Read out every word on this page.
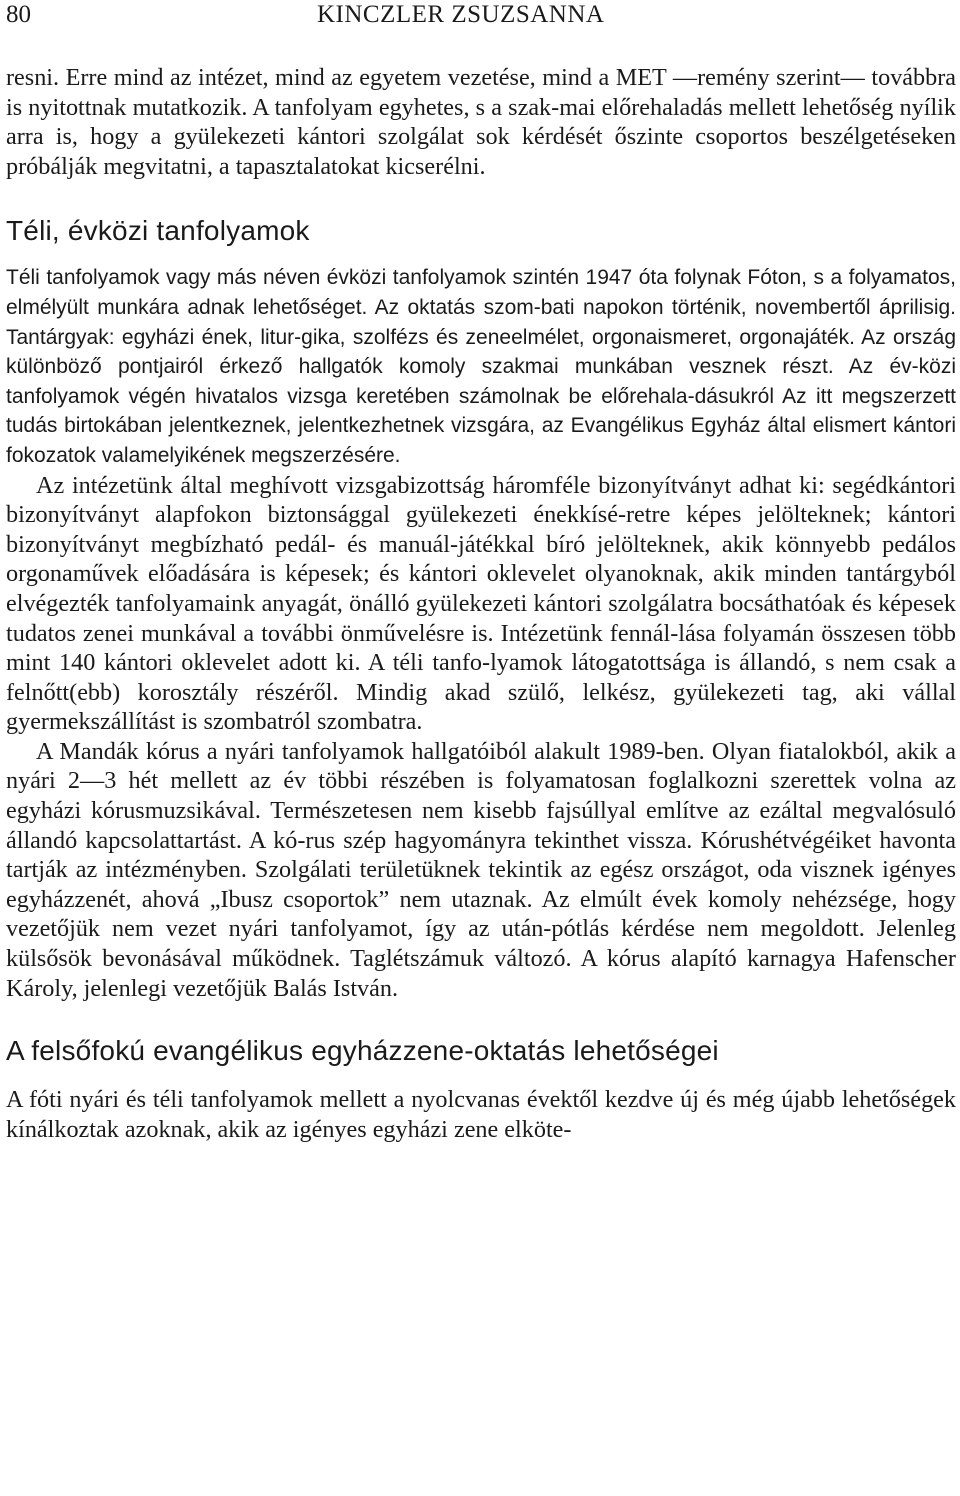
80	KINCZLER ZSUZSANNA

resni. Erre mind az intézet, mind az egyetem vezetése, mind a MET —remény szerint— továbbra is nyitottnak mutatkozik. A tanfolyam egyhetes, s a szak-mai előrehaladás mellett lehetőség nyílik arra is, hogy a gyülekezeti kántori szolgálat sok kérdését őszinte csoportos beszélgetéseken próbálják megvitatni, a tapasztalatokat kicserélni.

Téli, évközi tanfolyamok

Téli tanfolyamok vagy más néven évközi tanfolyamok szintén 1947 óta folynak Fóton, s a folyamatos, elmélyült munkára adnak lehetőséget. Az oktatás szom-bati napokon történik, novembertől áprilisig. Tantárgyak: egyházi ének, litur-gika, szolfézs és zeneelmélet, orgonaismeret, orgonajáték. Az ország különböző pontjairól érkező hallgatók komoly szakmai munkában vesznek részt. Az év-közi tanfolyamok végén hivatalos vizsga keretében számolnak be előrehala-dásukról Az itt megszerzett tudás birtokában jelentkeznek, jelentkezhetnek vizsgára, az Evangélikus Egyház által elismert kántori fokozatok valamelyikének megszerzésére.

Az intézetünk által meghívott vizsgabizottság háromféle bizonyítványt adhat ki: segédkántori bizonyítványt alapfokon biztonsággal gyülekezeti énekkísé-retre képes jelölteknek; kántori bizonyítványt megbízható pedál- és manuál-játékkal bíró jelölteknek, akik könnyebb pedálos orgonaművek előadására is képesek; és kántori oklevelet olyanoknak, akik minden tantárgyból elvégezték tanfolyamaink anyagát, önálló gyülekezeti kántori szolgálatra bocsáthatóak és képesek tudatos zenei munkával a további önművelésre is. Intézetünk fennál-lása folyamán összesen több mint 140 kántori oklevelet adott ki. A téli tanfo-lyamok látogatottsága is állandó, s nem csak a felnőtt(ebb) korosztály részéről. Mindig akad szülő, lelkész, gyülekezeti tag, aki vállal gyermekszállítást is szombatról szombatra.

A Mandák kórus a nyári tanfolyamok hallgatóiból alakult 1989-ben. Olyan fiatalokból, akik a nyári 2—3 hét mellett az év többi részében is folyamatosan foglalkozni szerettek volna az egyházi kórusmuzsikával. Természetesen nem kisebb fajsúllyal említve az ezáltal megvalósuló állandó kapcsolattartást. A kó-rus szép hagyományra tekinthet vissza. Kórushétvégéiket havonta tartják az intézményben. Szolgálati területüknek tekintik az egész országot, oda visznek igényes egyházzenét, ahová „Ibusz csoportok” nem utaznak. Az elmúlt évek komoly nehézsége, hogy vezetőjük nem vezet nyári tanfolyamot, így az után-pótlás kérdése nem megoldott. Jelenleg külsősök bevonásával működnek. Taglétszámuk változó. A kórus alapító karnagya Hafenscher Károly, jelenlegi vezetőjük Balás István.

A felsőfokú evangélikus egyházzene-oktatás lehetőségei

A fóti nyári és téli tanfolyamok mellett a nyolcvanas évektől kezdve új és még újabb lehetőségek kínálkoztak azoknak, akik az igényes egyházi zene elköte-
